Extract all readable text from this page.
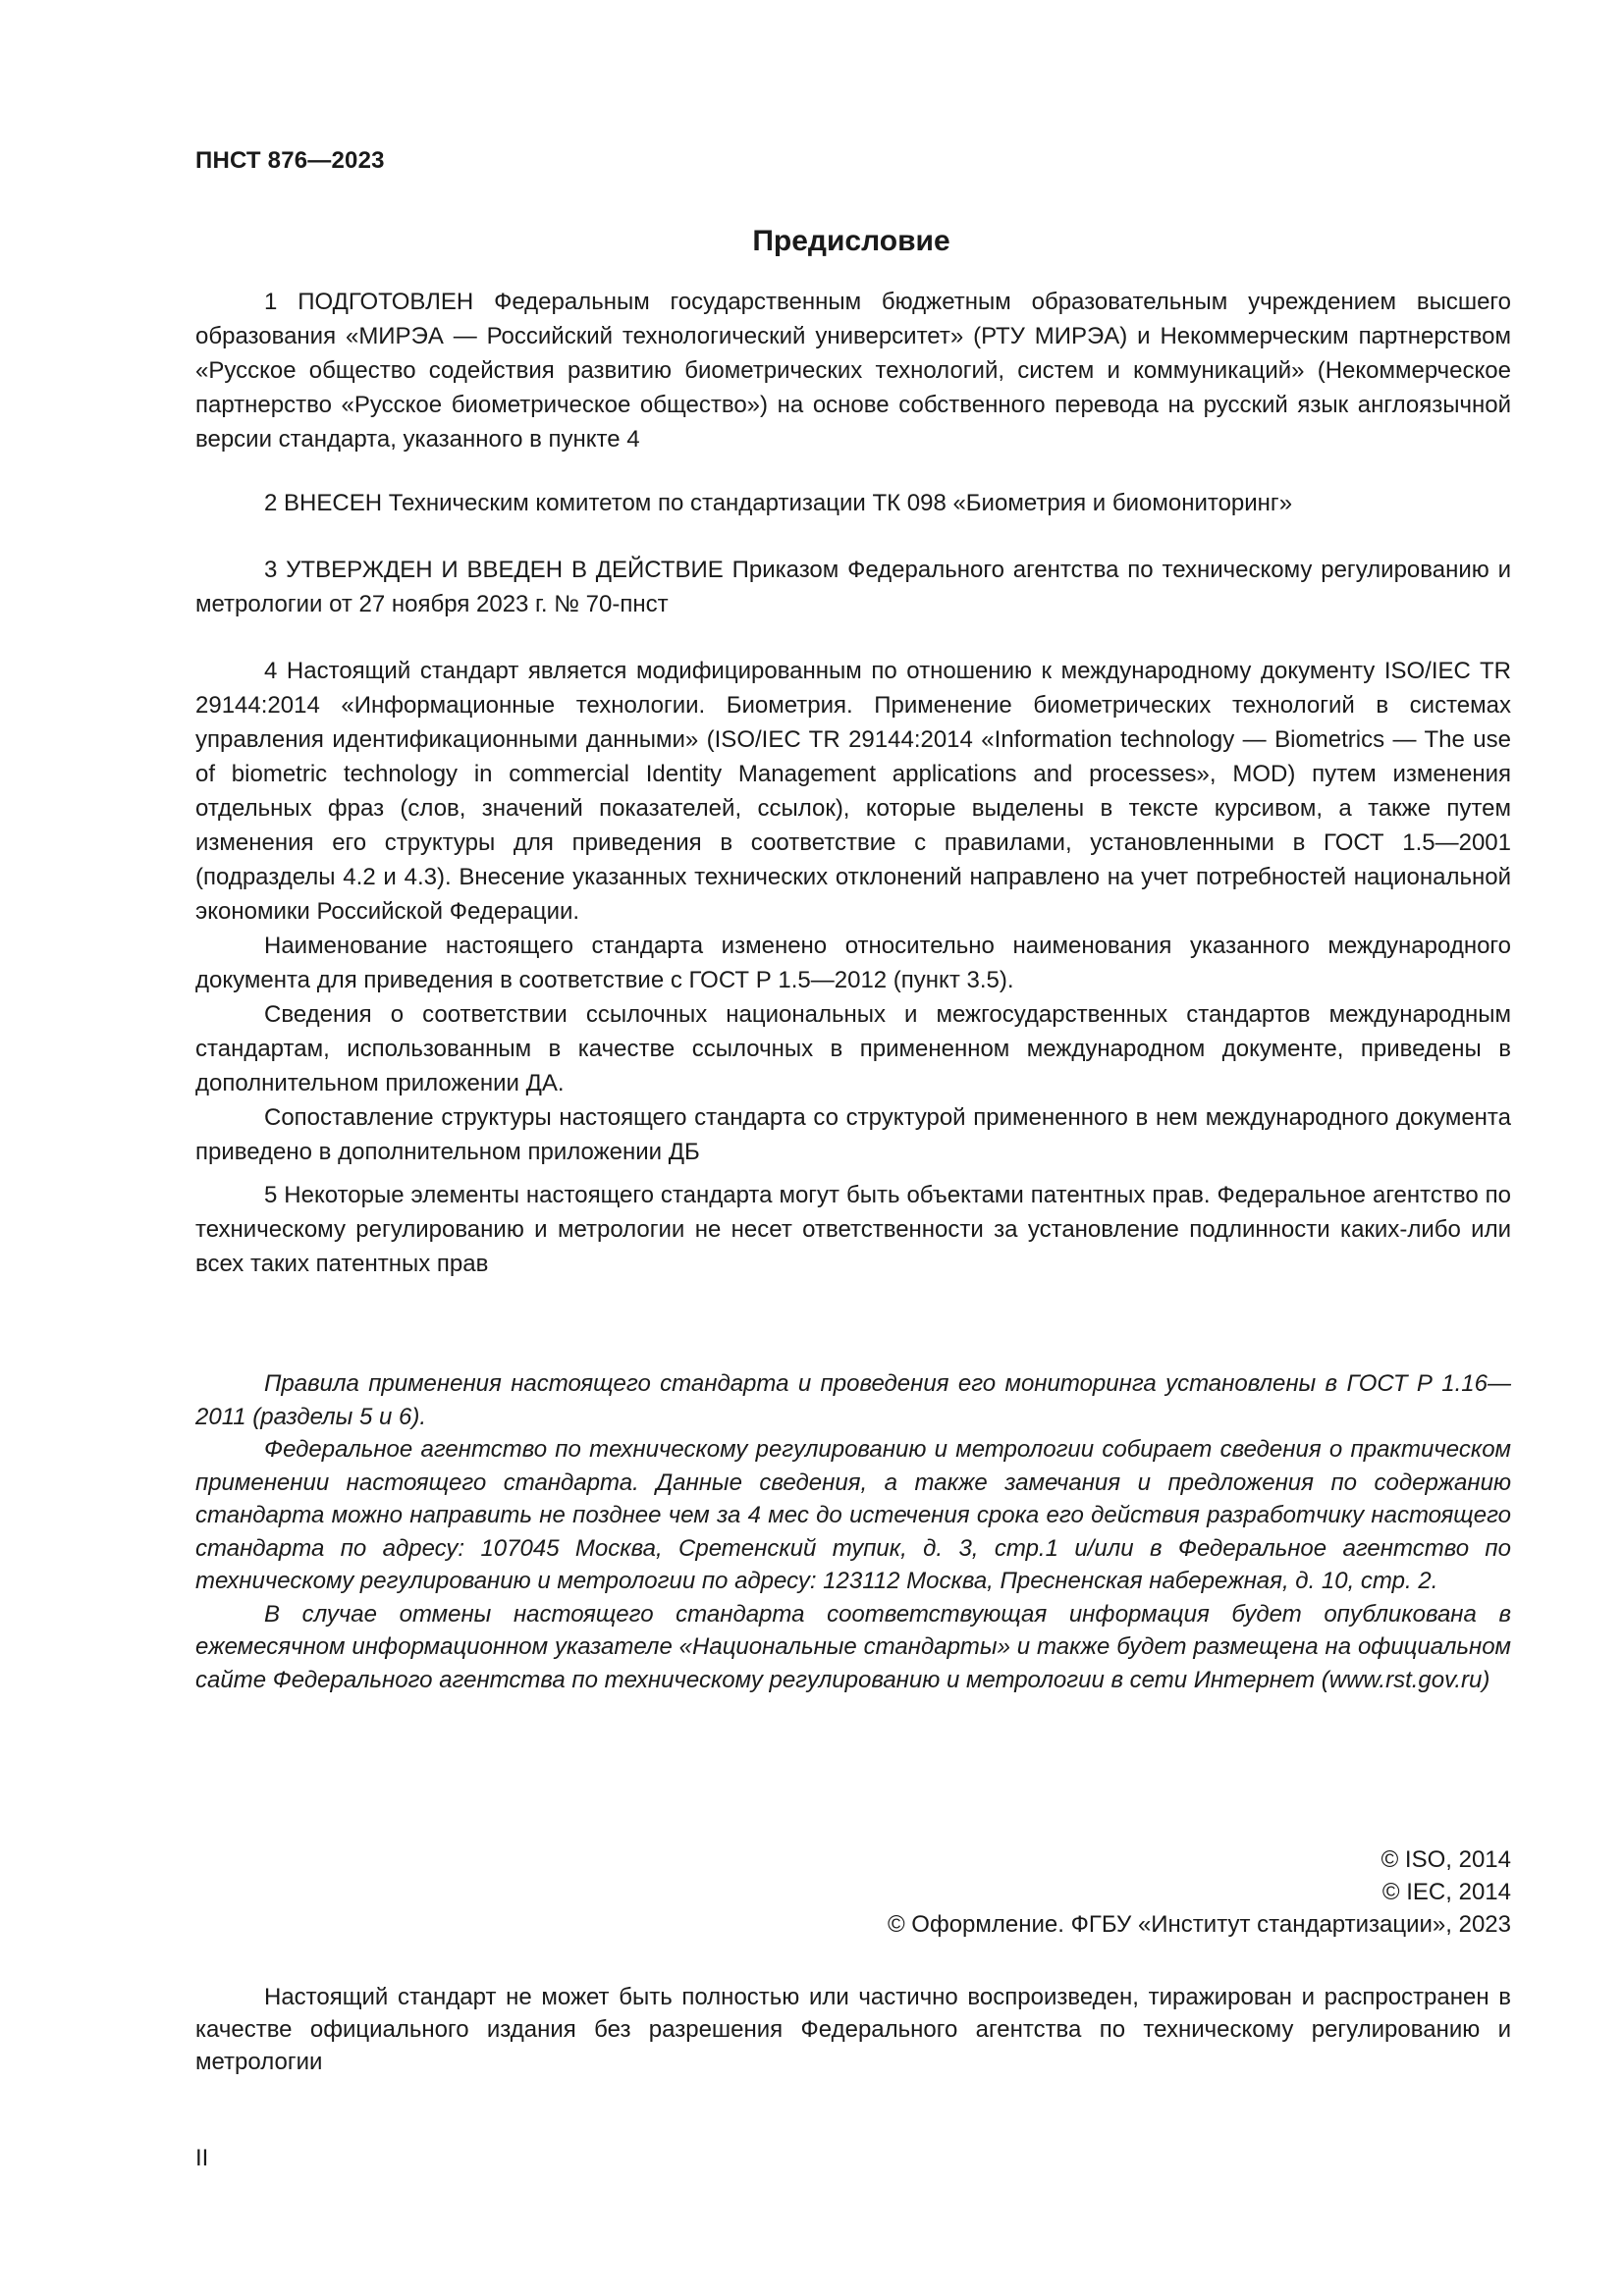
ПНСТ 876—2023
Предисловие

1 ПОДГОТОВЛЕН Федеральным государственным бюджетным образовательным учреждением высшего образования «МИРЭА — Российский технологический университет» (РТУ МИРЭА) и Некоммерческим партнерством «Русское общество содействия развитию биометрических технологий, систем и коммуникаций» (Некоммерческое партнерство «Русское биометрическое общество») на основе собственного перевода на русский язык англоязычной версии стандарта, указанного в пункте 4

2 ВНЕСЕН Техническим комитетом по стандартизации ТК 098 «Биометрия и биомониторинг»

3 УТВЕРЖДЕН И ВВЕДЕН В ДЕЙСТВИЕ Приказом Федерального агентства по техническому регулированию и метрологии от 27 ноября 2023 г. № 70-пнст

4 Настоящий стандарт является модифицированным по отношению к международному документу ISO/IEC TR 29144:2014 «Информационные технологии. Биометрия. Применение биометрических технологий в системах управления идентификационными данными» (ISO/IEC TR 29144:2014 «Information technology — Biometrics — The use of biometric technology in commercial Identity Management applications and processes», MOD) путем изменения отдельных фраз (слов, значений показателей, ссылок), которые выделены в тексте курсивом, а также путем изменения его структуры для приведения в соответствие с правилами, установленными в ГОСТ 1.5—2001 (подразделы 4.2 и 4.3). Внесение указанных технических отклонений направлено на учет потребностей национальной экономики Российской Федерации.

Наименование настоящего стандарта изменено относительно наименования указанного международного документа для приведения в соответствие с ГОСТ Р 1.5—2012 (пункт 3.5).

Сведения о соответствии ссылочных национальных и межгосударственных стандартов международным стандартам, использованным в качестве ссылочных в примененном международном документе, приведены в дополнительном приложении ДА.

Сопоставление структуры настоящего стандарта со структурой примененного в нем международного документа приведено в дополнительном приложении ДБ

5 Некоторые элементы настоящего стандарта могут быть объектами патентных прав. Федеральное агентство по техническому регулированию и метрологии не несет ответственности за установление подлинности каких-либо или всех таких патентных прав

Правила применения настоящего стандарта и проведения его мониторинга установлены в ГОСТ Р 1.16—2011 (разделы 5 и 6).

Федеральное агентство по техническому регулированию и метрологии собирает сведения о практическом применении настоящего стандарта. Данные сведения, а также замечания и предложения по содержанию стандарта можно направить не позднее чем за 4 мес до истечения срока его действия разработчику настоящего стандарта по адресу: 107045 Москва, Сретенский тупик, д. 3, стр.1 и/или в Федеральное агентство по техническому регулированию и метрологии по адресу: 123112 Москва, Пресненская набережная, д. 10, стр. 2.

В случае отмены настоящего стандарта соответствующая информация будет опубликована в ежемесячном информационном указателе «Национальные стандарты» и также будет размещена на официальном сайте Федерального агентства по техническому регулированию и метрологии в сети Интернет (www.rst.gov.ru)

© ISO, 2014
© IEC, 2014
© Оформление. ФГБУ «Институт стандартизации», 2023

Настоящий стандарт не может быть полностью или частично воспроизведен, тиражирован и распространен в качестве официального издания без разрешения Федерального агентства по техническому регулированию и метрологии

II
